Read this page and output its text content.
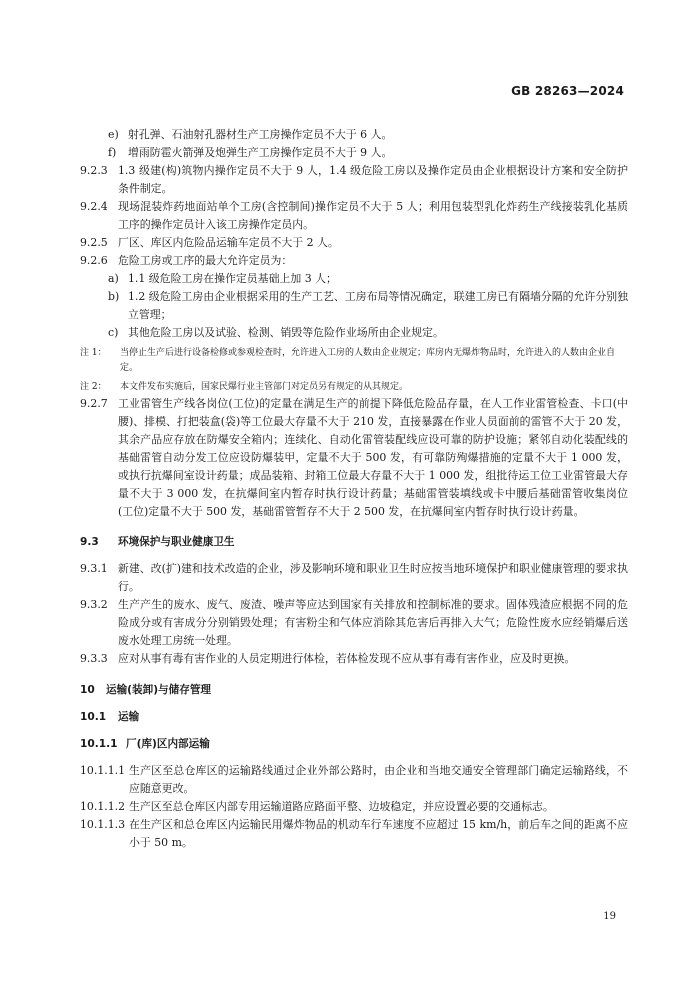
GB 28263—2024
e) 射孔弹、石油射孔器材生产工房操作定员不大于 6 人。
f)	增雨防雹火箭弹及炮弹生产工房操作定员不大于 9 人。
9.2.3 1.3 级建(构)筑物内操作定员不大于 9 人，1.4 级危险工房以及操作定员由企业根据设计方案和安全防护条件制定。
9.2.4 现场混装炸药地面站单个工房(含控制间)操作定员不大于 5 人；利用包装型乳化炸药生产线接装乳化基质工序的操作定员计入该工房操作定员内。
9.2.5 厂区、库区内危险品运输车定员不大于 2 人。
9.2.6 危险工房或工序的最大允许定员为：
a) 1.1 级危险工房在操作定员基础上加 3 人；
b) 1.2 级危险工房由企业根据采用的生产工艺、工房布局等情况确定，联建工房已有隔墙分隔的允许分别独立管理；
c) 其他危险工房以及试验、检测、销毁等危险作业场所由企业规定。
注 1：	当停止生产后进行设备检修或参观检查时，允许进入工房的人数由企业规定；库房内无爆炸物品时，允许进入的人数由企业自定。
注 2：	本文件发布实施后，国家民爆行业主管部门对定员另有规定的从其规定。
9.2.7 工业雷管生产线各岗位(工位)的定量在满足生产的前提下降低危险品存量，在人工作业雷管检查、卡口(中腰)、排模、打把装盒(袋)等工位最大存量不大于 210 发，直接暴露在作业人员面前的雷管不大于 20 发，其余产品应存放在防爆安全箱内；连续化、自动化雷管装配线应设可靠的防护设施；紧邻自动化装配线的基础雷管自动分发工位应设防爆装甲，定量不大于 500 发，有可靠防殉爆措施的定量不大于 1 000 发，或执行抗爆间室设计药量；成品装箱、封箱工位最大存量不大于 1 000 发，组批待运工位工业雷管最大存量不大于 3 000 发，在抗爆间室内暂存时执行设计药量；基础雷管装填线或卡中腰后基础雷管收集岗位(工位)定量不大于 500 发，基础雷管暂存不大于 2 500 发，在抗爆间室内暂存时执行设计药量。
9.3	环境保护与职业健康卫生
9.3.1 新建、改(扩)建和技术改造的企业，涉及影响环境和职业卫生时应按当地环境保护和职业健康管理的要求执行。
9.3.2 生产产生的废水、废气、废渣、噪声等应达到国家有关排放和控制标准的要求。固体残渣应根据不同的危险成分或有害成分分别销毁处理；有害粉尘和气体应消除其危害后再排入大气；危险性废水应经销爆后送废水处理工房统一处理。
9.3.3 应对从事有毒有害作业的人员定期进行体检，若体检发现不应从事有毒有害作业，应及时更换。
10	运输(装卸)与储存管理
10.1	运输
10.1.1 厂(库)区内部运输
10.1.1.1 生产区至总仓库区的运输路线通过企业外部公路时，由企业和当地交通安全管理部门确定运输路线，不应随意更改。
10.1.1.2 生产区至总仓库区内部专用运输道路应路面平整、边坡稳定，并应设置必要的交通标志。
10.1.1.3 在生产区和总仓库区内运输民用爆炸物品的机动车行车速度不应超过 15 km/h，前后车之间的距离不应小于 50 m。
19
